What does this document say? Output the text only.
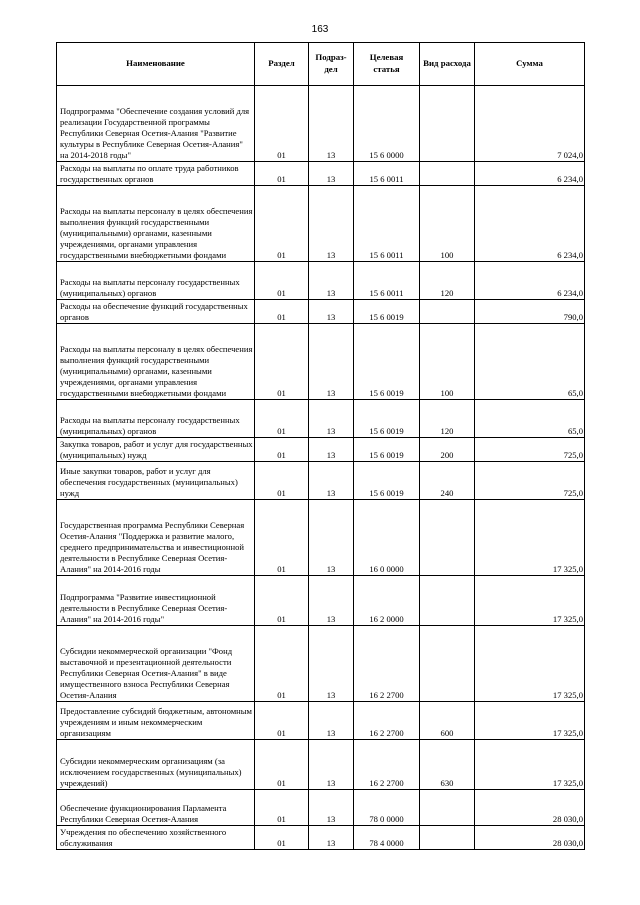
163
Наименование	Раздел	Подраз-дел	Целевая статья	Вид расхода	Сумма
Подпрограмма "Обеспечение создания условий для реализации Государственной программы Республики Северная Осетия-Алания "Развитие культуры в Республике Северная Осетия-Алания" на 2014-2018 годы"	01	13	15 6 0000		7 024,0
Расходы на выплаты по оплате труда работников государственных органов	01	13	15 6 0011		6 234,0
Расходы на выплаты персоналу в целях обеспечения выполнения функций государственными (муниципальными) органами, казенными учреждениями, органами управления государственными внебюджетными фондами	01	13	15 6 0011	100	6 234,0
Расходы на выплаты персоналу государственных (муниципальных) органов	01	13	15 6 0011	120	6 234,0
Расходы на обеспечение функций государственных органов	01	13	15 6 0019		790,0
Расходы на выплаты персоналу в целях обеспечения выполнения функций государственными (муниципальными) органами, казенными учреждениями, органами управления государственными внебюджетными фондами	01	13	15 6 0019	100	65,0
Расходы на выплаты персоналу государственных (муниципальных) органов	01	13	15 6 0019	120	65,0
Закупка товаров, работ и услуг для государственных (муниципальных) нужд	01	13	15 6 0019	200	725,0
Иные закупки товаров, работ и услуг для обеспечения государственных (муниципальных) нужд	01	13	15 6 0019	240	725,0
Государственная программа Республики Северная Осетия-Алания "Поддержка и развитие малого, среднего предпринимательства и инвестиционной деятельности в Республике Северная Осетия-Алания" на 2014-2016 годы	01	13	16 0 0000		17 325,0
Подпрограмма "Развитие инвестиционной деятельности в Республике Северная Осетия-Алания" на 2014-2016 годы"	01	13	16 2 0000		17 325,0
Субсидии некоммерческой организации "Фонд выставочной и презентационной деятельности Республики Северная Осетия-Алания" в виде имущественного взноса Республики Северная Осетия-Алания	01	13	16 2 2700		17 325,0
Предоставление субсидий бюджетным, автономным учреждениям и иным некоммерческим организациям	01	13	16 2 2700	600	17 325,0
Субсидии некоммерческим организациям (за исключением государственных (муниципальных) учреждений)	01	13	16 2 2700	630	17 325,0
Обеспечение функционирования Парламента Республики Северная Осетия-Алания	01	13	78 0 0000		28 030,0
Учреждения по обеспечению хозяйственного обслуживания	01	13	78 4 0000		28 030,0
